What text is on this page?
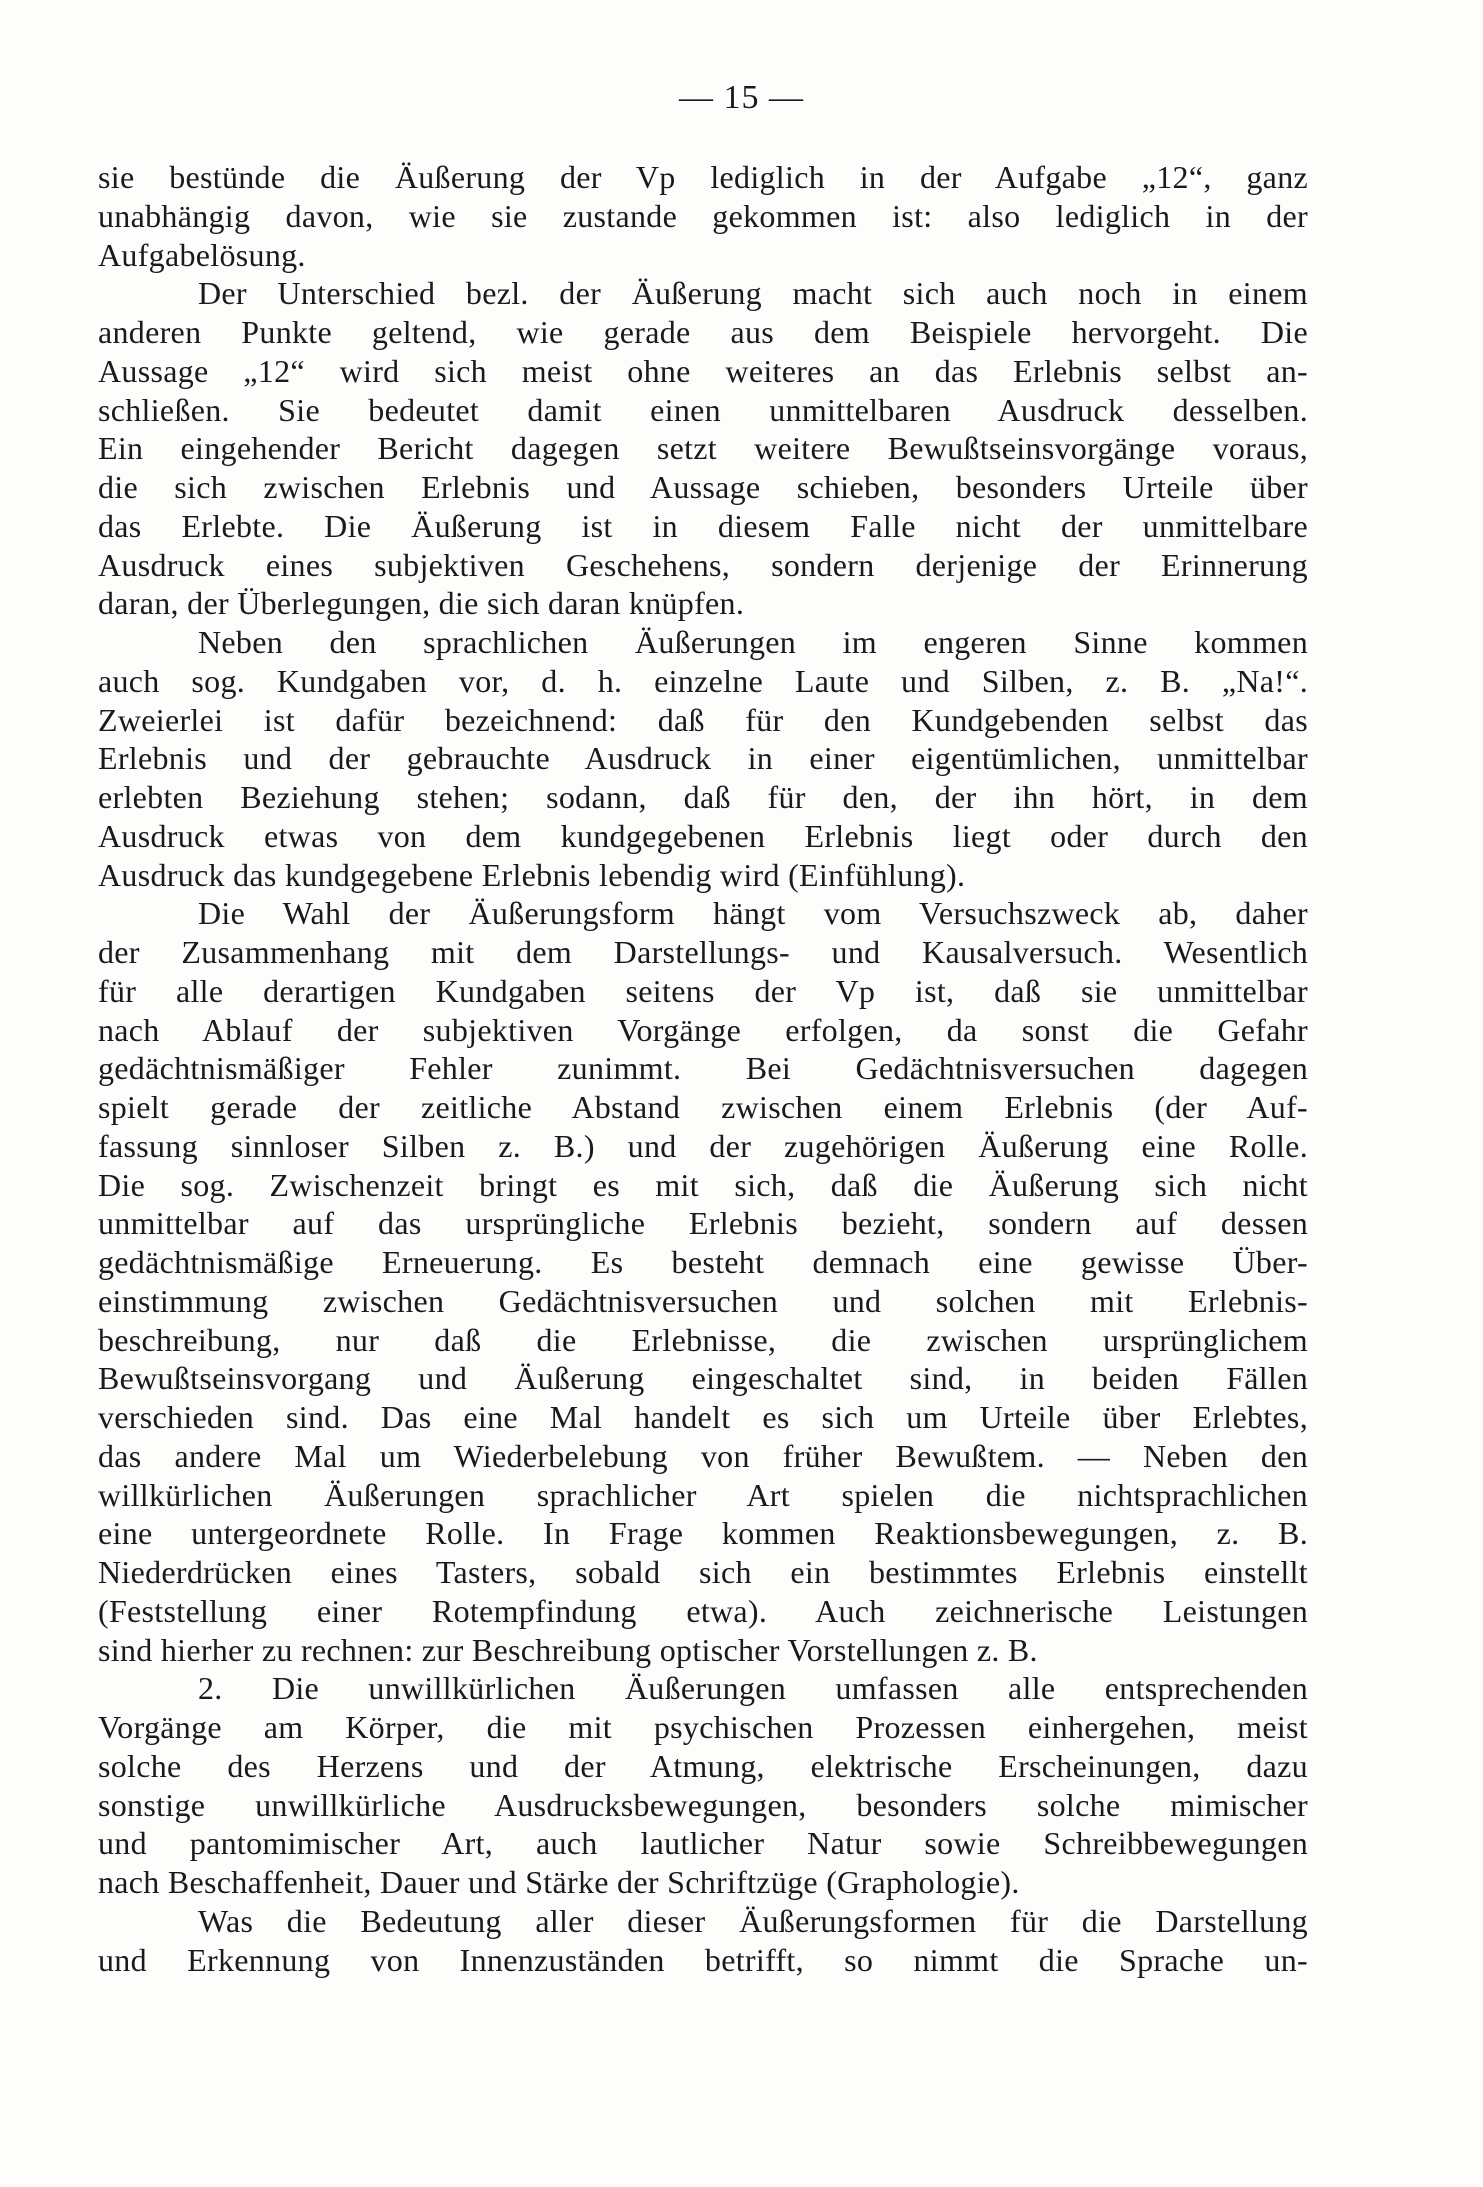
— 15 —
sie bestünde die Äußerung der Vp lediglich in der Aufgabe „12“, ganz
unabhängig davon, wie sie zustande gekommen ist: also lediglich in der
Aufgabelösung.
Der Unterschied bezl. der Äußerung macht sich auch noch in einem
anderen Punkte geltend, wie gerade aus dem Beispiele hervorgeht. Die
Aussage „12“ wird sich meist ohne weiteres an das Erlebnis selbst an-
schließen. Sie bedeutet damit einen unmittelbaren Ausdruck desselben.
Ein eingehender Bericht dagegen setzt weitere Bewußtseinsvorgänge voraus,
die sich zwischen Erlebnis und Aussage schieben, besonders Urteile über
das Erlebte. Die Äußerung ist in diesem Falle nicht der unmittelbare
Ausdruck eines subjektiven Geschehens, sondern derjenige der Erinnerung
daran, der Überlegungen, die sich daran knüpfen.
Neben den sprachlichen Äußerungen im engeren Sinne kommen
auch sog. Kundgaben vor, d. h. einzelne Laute und Silben, z. B. „Na!“.
Zweierlei ist dafür bezeichnend: daß für den Kundgebenden selbst das
Erlebnis und der gebrauchte Ausdruck in einer eigentümlichen, unmittelbar
erlebten Beziehung stehen; sodann, daß für den, der ihn hört, in dem
Ausdruck etwas von dem kundgegebenen Erlebnis liegt oder durch den
Ausdruck das kundgegebene Erlebnis lebendig wird (Einfühlung).
Die Wahl der Äußerungsform hängt vom Versuchszweck ab, daher
der Zusammenhang mit dem Darstellungs- und Kausalversuch. Wesentlich
für alle derartigen Kundgaben seitens der Vp ist, daß sie unmittelbar
nach Ablauf der subjektiven Vorgänge erfolgen, da sonst die Gefahr
gedächtnismäßiger Fehler zunimmt. Bei Gedächtnisversuchen dagegen
spielt gerade der zeitliche Abstand zwischen einem Erlebnis (der Auf-
fassung sinnloser Silben z. B.) und der zugehörigen Äußerung eine Rolle.
Die sog. Zwischenzeit bringt es mit sich, daß die Äußerung sich nicht
unmittelbar auf das ursprüngliche Erlebnis bezieht, sondern auf dessen
gedächtnismäßige Erneuerung. Es besteht demnach eine gewisse Über-
einstimmung zwischen Gedächtnisversuchen und solchen mit Erlebnis-
beschreibung, nur daß die Erlebnisse, die zwischen ursprünglichem
Bewußtseinsvorgang und Äußerung eingeschaltet sind, in beiden Fällen
verschieden sind. Das eine Mal handelt es sich um Urteile über Erlebtes,
das andere Mal um Wiederbelebung von früher Bewußtem. — Neben den
willkürlichen Äußerungen sprachlicher Art spielen die nichtsprachlichen
eine untergeordnete Rolle. In Frage kommen Reaktionsbewegungen, z. B.
Niederdrücken eines Tasters, sobald sich ein bestimmtes Erlebnis einstellt
(Feststellung einer Rotempfindung etwa). Auch zeichnerische Leistungen
sind hierher zu rechnen: zur Beschreibung optischer Vorstellungen z. B.
2. Die unwillkürlichen Äußerungen umfassen alle entsprechenden
Vorgänge am Körper, die mit psychischen Prozessen einhergehen, meist
solche des Herzens und der Atmung, elektrische Erscheinungen, dazu
sonstige unwillkürliche Ausdrucksbewegungen, besonders solche mimischer
und pantomimischer Art, auch lautlicher Natur sowie Schreibbewegungen
nach Beschaffenheit, Dauer und Stärke der Schriftzüge (Graphologie).
Was die Bedeutung aller dieser Äußerungsformen für die Darstellung
und Erkennung von Innenzuständen betrifft, so nimmt die Sprache un-
